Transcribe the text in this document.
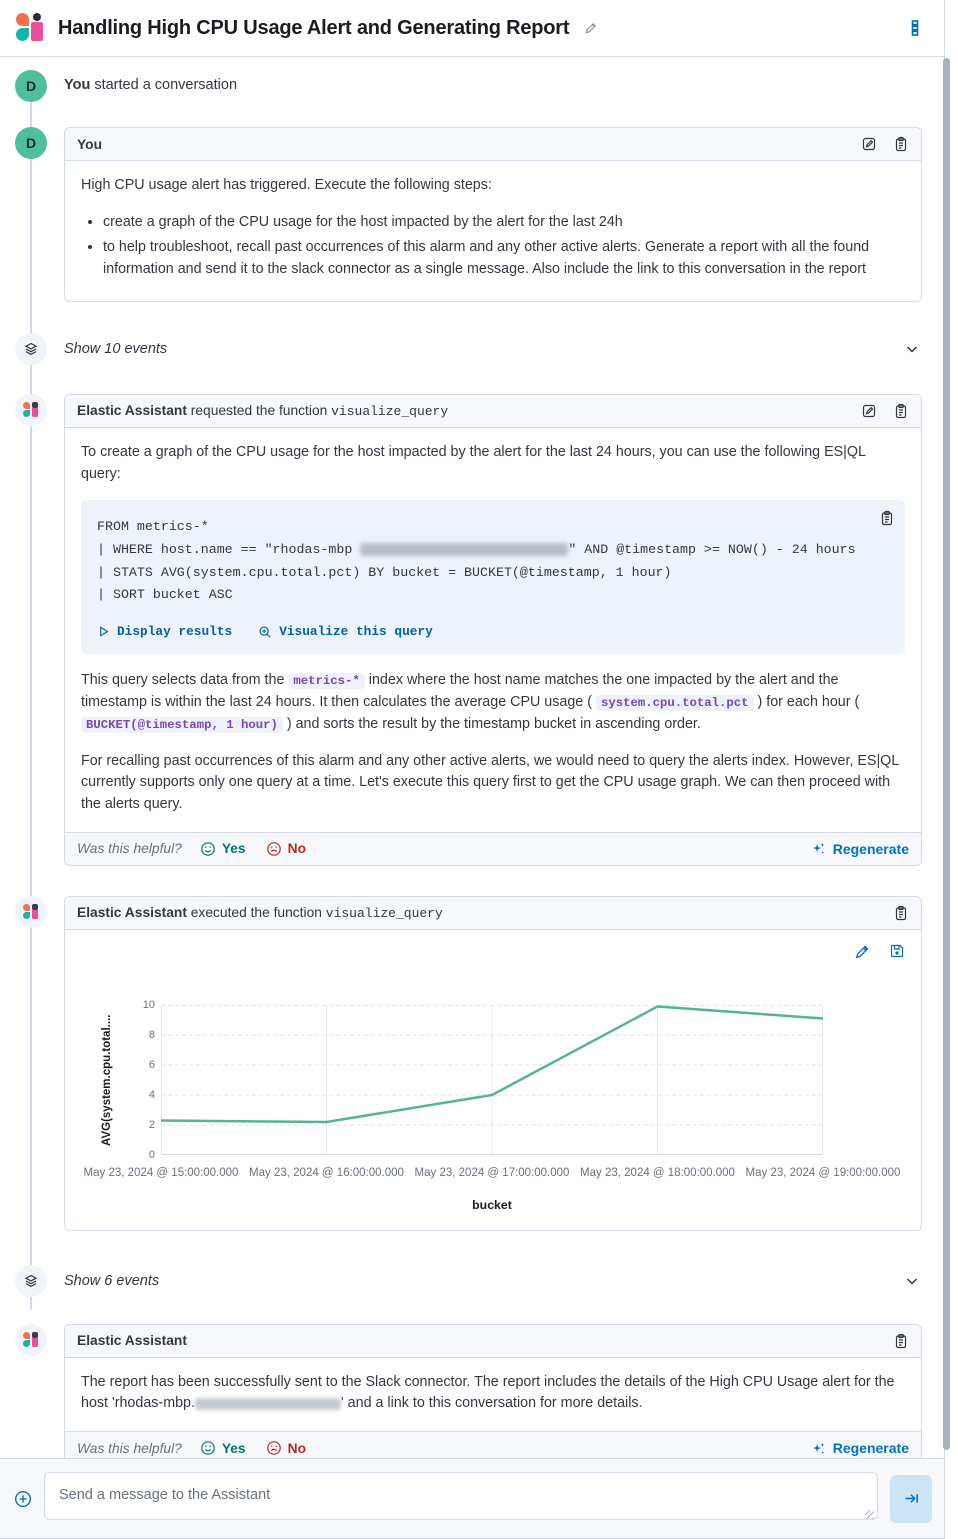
Handling High CPU Usage Alert and Generating Report
D You started a conversation
D	You

High CPU usage alert has triggered. Execute the following steps:

• create a graph of the CPU usage for the host impacted by the alert for the last 24h
• to help troubleshoot, recall past occurrences of this alarm and any other active alerts. Generate a report with all the found information and send it to the slack connector as a single message. Also include the link to this conversation in the report
Show 10 events
Elastic Assistant requested the function visualize_query

To create a graph of the CPU usage for the host impacted by the alert for the last 24 hours, you can use the following ES|QL query:

FROM metrics-*
| WHERE host.name == "rhodas-mbp	" AND @timestamp >= NOW() - 24 hours
| STATS AVG(system.cpu.total.pct) BY bucket = BUCKET(@timestamp, 1 hour)
| SORT bucket ASC
Display results	Visualize this query

This query selects data from the metrics-* index where the host name matches the one impacted by the alert and the timestamp is within the last 24 hours. It then calculates the average CPU usage ( system.cpu.total.pct ) for each hour ( BUCKET(@timestamp, 1 hour) ) and sorts the result by the timestamp bucket in ascending order.

For recalling past occurrences of this alarm and any other active alerts, we would need to query the alerts index. However, ES|QL currently supports only one query at a time. Let's execute this query first to get the CPU usage graph. We can then proceed with the alerts query.

Was this helpful?	Yes	No	Regenerate
Elastic Assistant executed the function visualize_query
AVG(system.cpu.total....
0
2
4
6
8
10
May 23, 2024 @ 15:00:00.000 May 23, 2024 @ 16:00:00.000 May 23, 2024 @ 17:00:00.000 May 23, 2024 @ 18:00:00.000 May 23, 2024 @ 19:00:00.000
bucket
Show 6 events
Elastic Assistant

The report has been successfully sent to the Slack connector. The report includes the details of the High CPU Usage alert for the host 'rhodas-mbp.	' and a link to this conversation for more details.

Was this helpful?	Yes	No	Regenerate
Send a message to the Assistant
